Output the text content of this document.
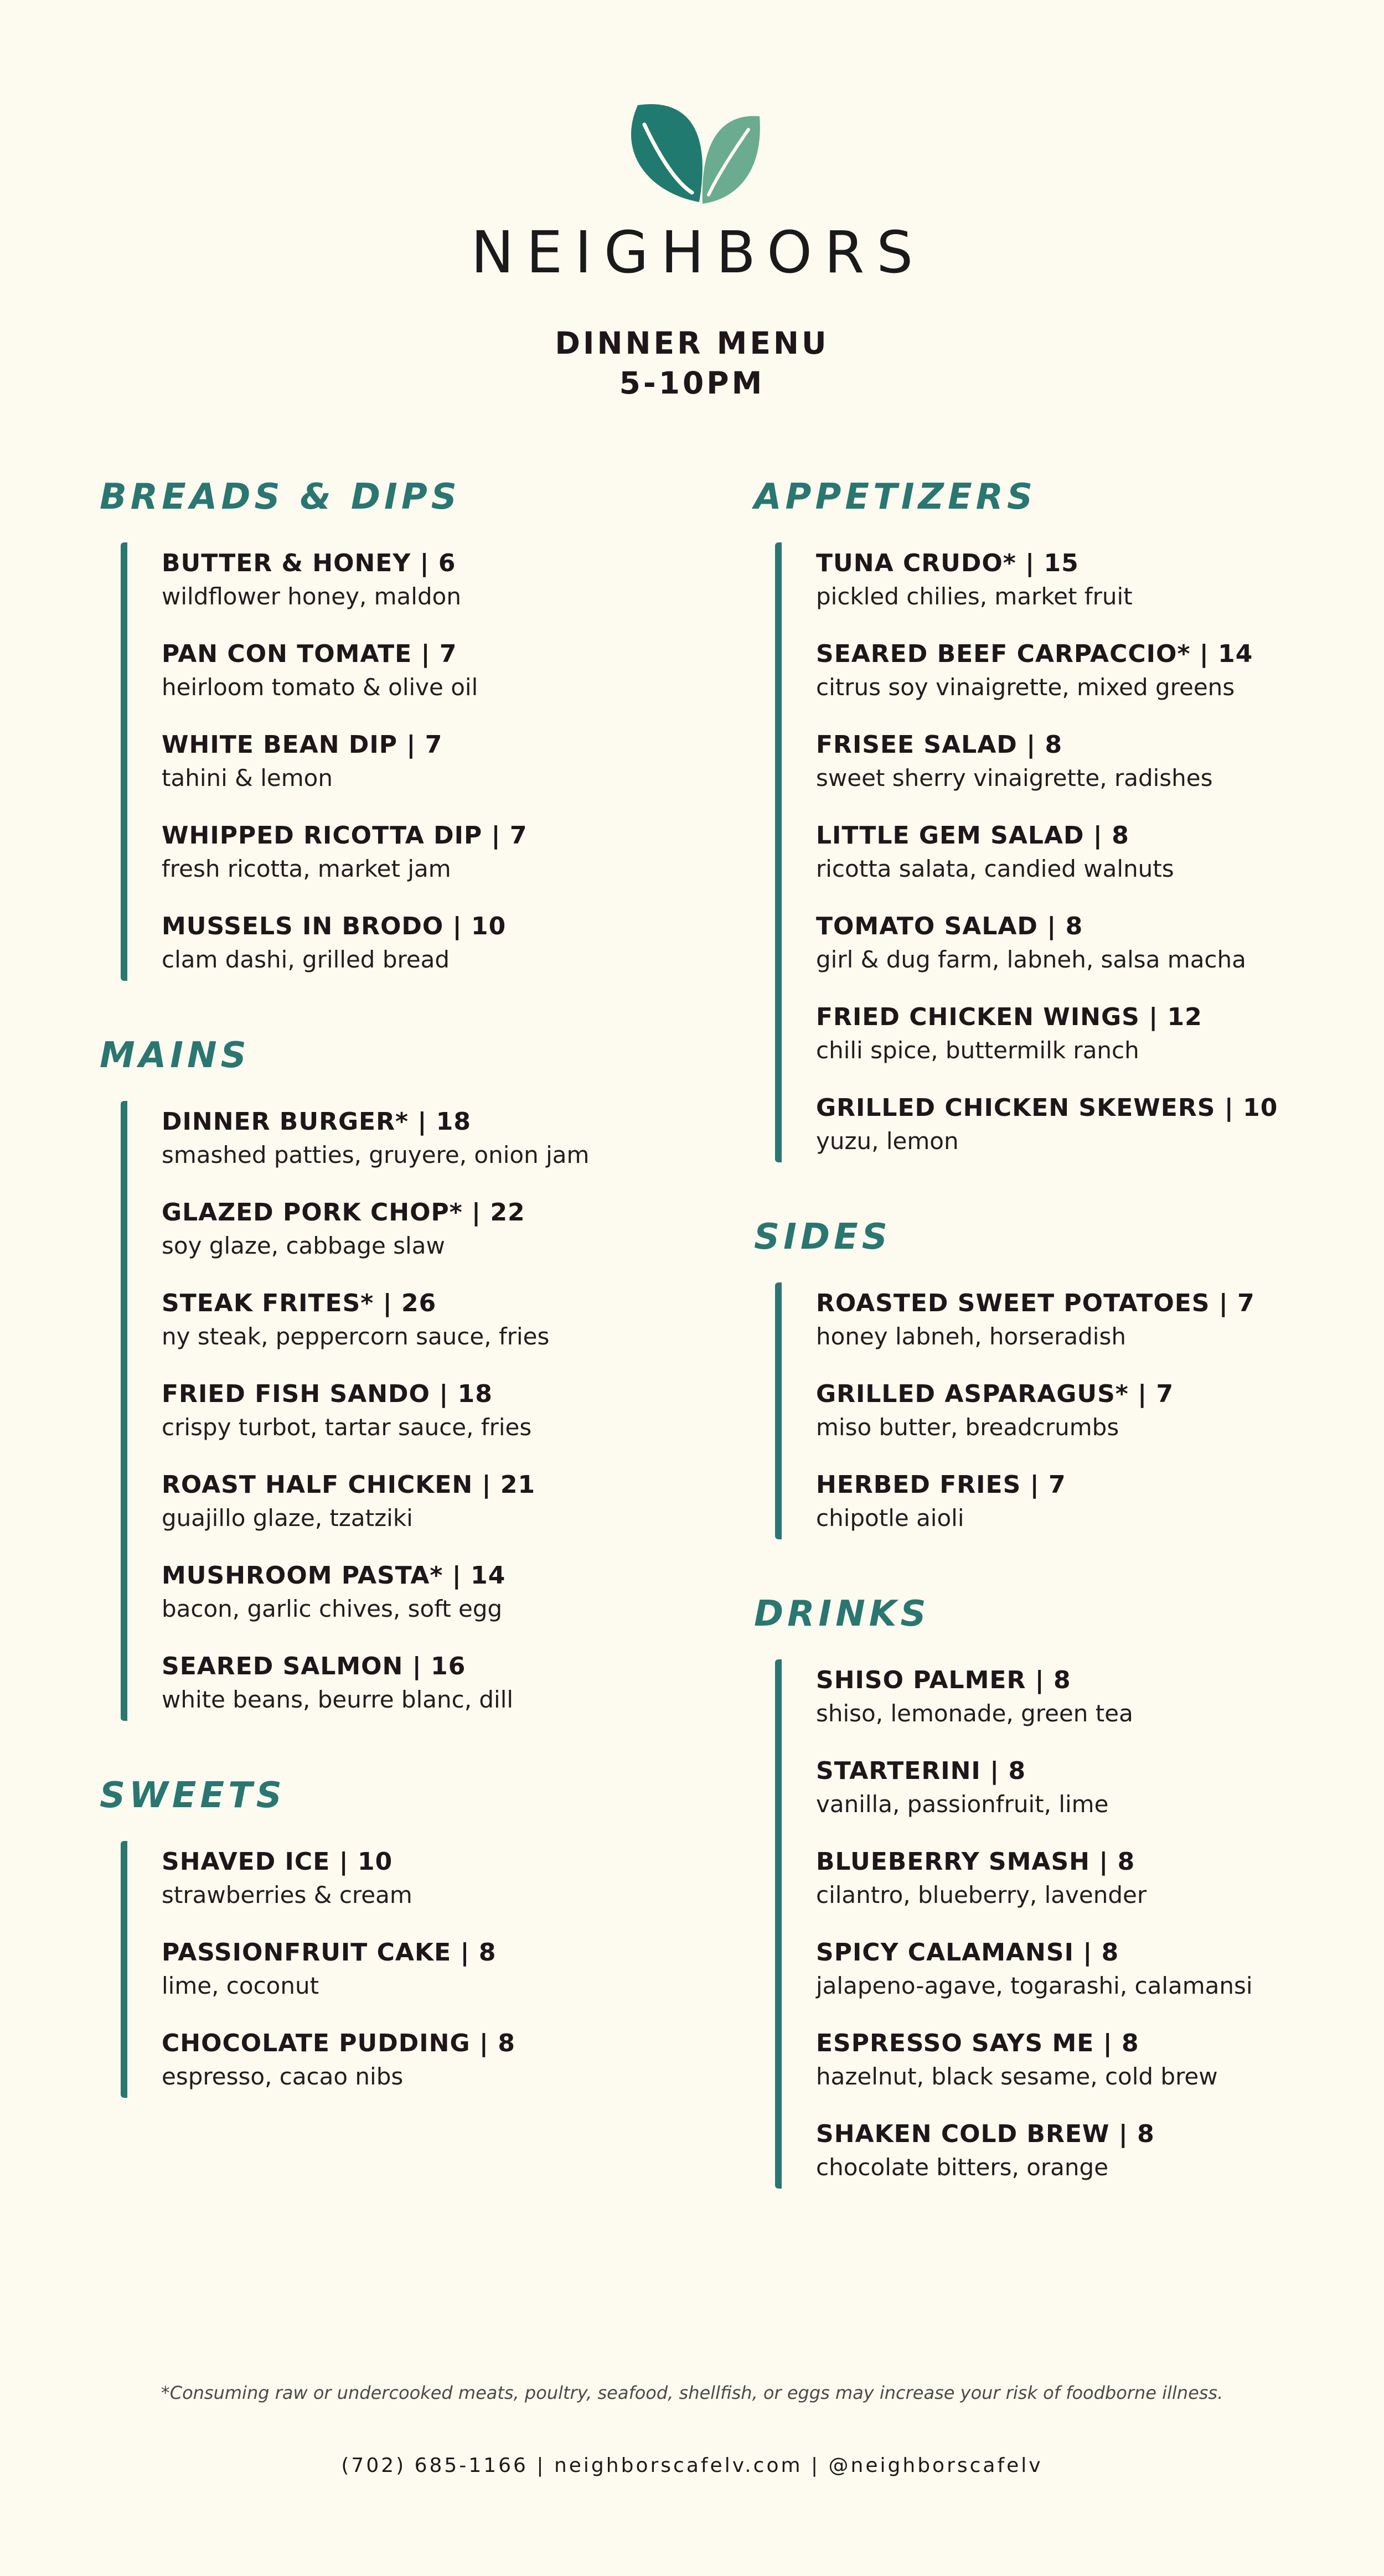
NEIGHBORS
DINNER MENU
5-10PM
BREADS & DIPS
BUTTER & HONEY | 6
wildflower honey, maldon
PAN CON TOMATE | 7
heirloom tomato & olive oil
WHITE BEAN DIP | 7
tahini & lemon
WHIPPED RICOTTA DIP | 7
fresh ricotta, market jam
MUSSELS IN BRODO | 10
clam dashi, grilled bread
MAINS
DINNER BURGER* | 18
smashed patties, gruyere, onion jam
GLAZED PORK CHOP* | 22
soy glaze, cabbage slaw
STEAK FRITES* | 26
ny steak, peppercorn sauce, fries
FRIED FISH SANDO | 18
crispy turbot, tartar sauce, fries
ROAST HALF CHICKEN | 21
guajillo glaze, tzatziki
MUSHROOM PASTA* | 14
bacon, garlic chives, soft egg
SEARED SALMON | 16
white beans, beurre blanc, dill
SWEETS
SHAVED ICE | 10
strawberries & cream
PASSIONFRUIT CAKE | 8
lime, coconut
CHOCOLATE PUDDING | 8
espresso, cacao nibs
APPETIZERS
TUNA CRUDO* | 15
pickled chilies, market fruit
SEARED BEEF CARPACCIO* | 14
citrus soy vinaigrette, mixed greens
FRISEE SALAD | 8
sweet sherry vinaigrette, radishes
LITTLE GEM SALAD | 8
ricotta salata, candied walnuts
TOMATO SALAD | 8
girl & dug farm, labneh, salsa macha
FRIED CHICKEN WINGS | 12
chili spice, buttermilk ranch
GRILLED CHICKEN SKEWERS | 10
yuzu, lemon
SIDES
ROASTED SWEET POTATOES | 7
honey labneh, horseradish
GRILLED ASPARAGUS* | 7
miso butter, breadcrumbs
HERBED FRIES | 7
chipotle aioli
DRINKS
SHISO PALMER | 8
shiso, lemonade, green tea
STARTERINI | 8
vanilla, passionfruit, lime
BLUEBERRY SMASH | 8
cilantro, blueberry, lavender
SPICY CALAMANSI | 8
jalapeno-agave, togarashi, calamansi
ESPRESSO SAYS ME | 8
hazelnut, black sesame, cold brew
SHAKEN COLD BREW | 8
chocolate bitters, orange
*Consuming raw or undercooked meats, poultry, seafood, shellfish, or eggs may increase your risk of foodborne illness.
(702) 685-1166 | neighborscafelv.com | @neighborscafelv
